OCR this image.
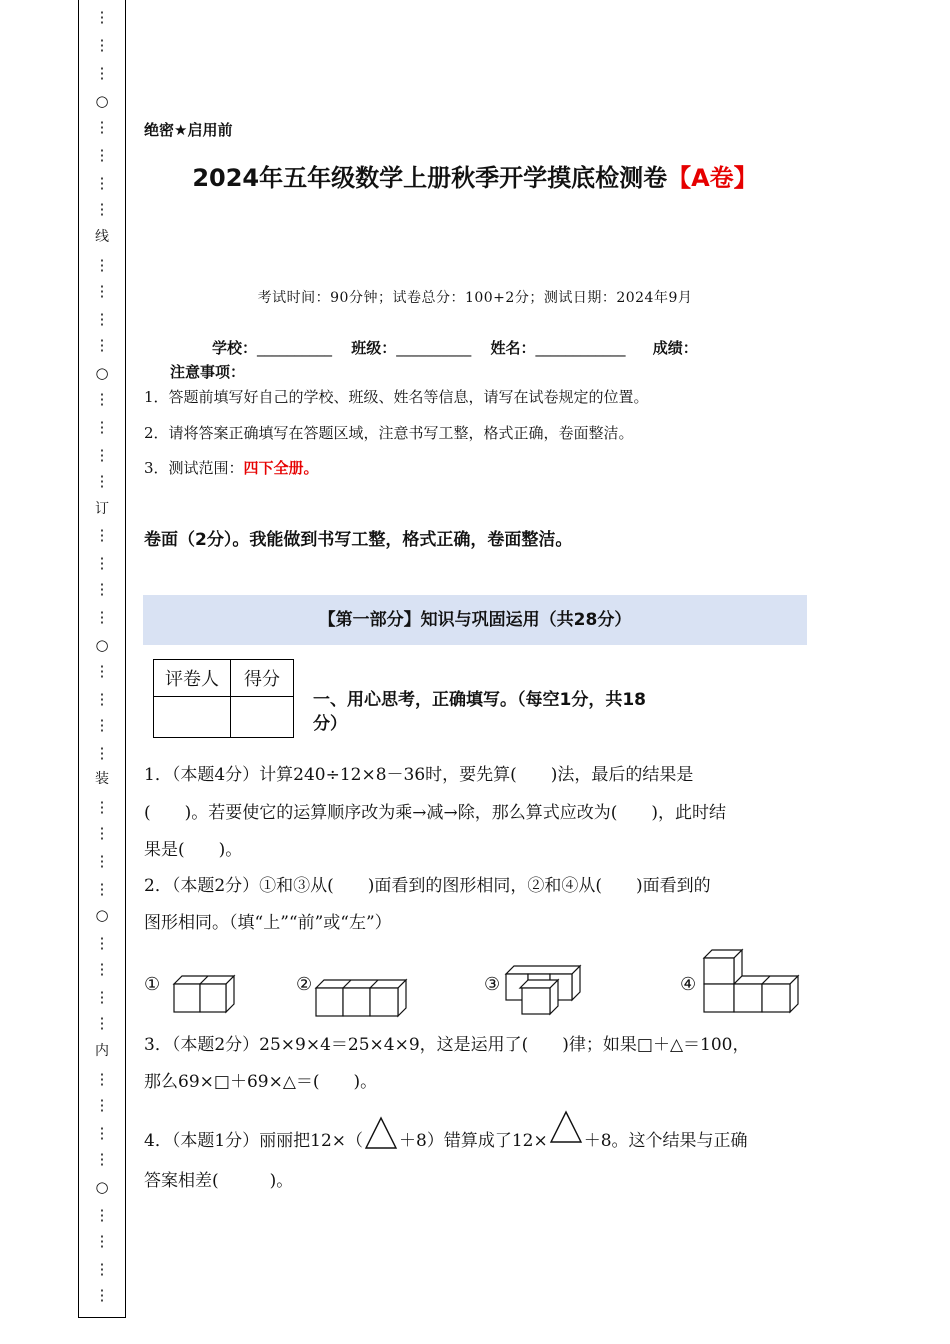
⋮
⋮
⋮
○
⋮
⋮
⋮
⋮
线
⋮
⋮
⋮
⋮
○
⋮
⋮
⋮
⋮
订
⋮
⋮
⋮
⋮
○
⋮
⋮
⋮
⋮
装
⋮
⋮
⋮
⋮
○
⋮
⋮
⋮
⋮
内
⋮
⋮
⋮
⋮
○
⋮
⋮
⋮
⋮
绝密★启用前
2024年五年级数学上册秋季开学摸底检测卷【A卷】
考试时间：90分钟；试卷总分：100+2分；测试日期：2024年9月
学校：__________ 班级：__________ 姓名：____________ 成绩：
注意事项：
1．答题前填写好自己的学校、班级、姓名等信息，请写在试卷规定的位置。
2．请将答案正确填写在答题区域，注意书写工整，格式正确，卷面整洁。
3．测试范围：四下全册。
卷面（2分）。我能做到书写工整，格式正确，卷面整洁。
【第一部分】知识与巩固运用（共28分）
评卷人	得分

一、用心思考，正确填写。（每空1分，共18
分）
1．（本题4分）计算240÷12×8－36时，要先算(　　)法，最后的结果是
(　　)。若要使它的运算顺序改为乘→减→除，那么算式应改为(　　)，此时结
果是(　　)。
2．（本题2分）①和③从(　　)面看到的图形相同，②和④从(　　)面看到的
图形相同。（填“上”“前”或“左”）
①	②	③	④
3．（本题2分）25×9×4＝25×4×9，这是运用了(　　)律；如果□＋△＝100，
那么69×□＋69×△＝(　　)。
4．（本题1分）丽丽把12×（ ＋8）错算成了12× ＋8。这个结果与正确
答案相差(　　　)。
